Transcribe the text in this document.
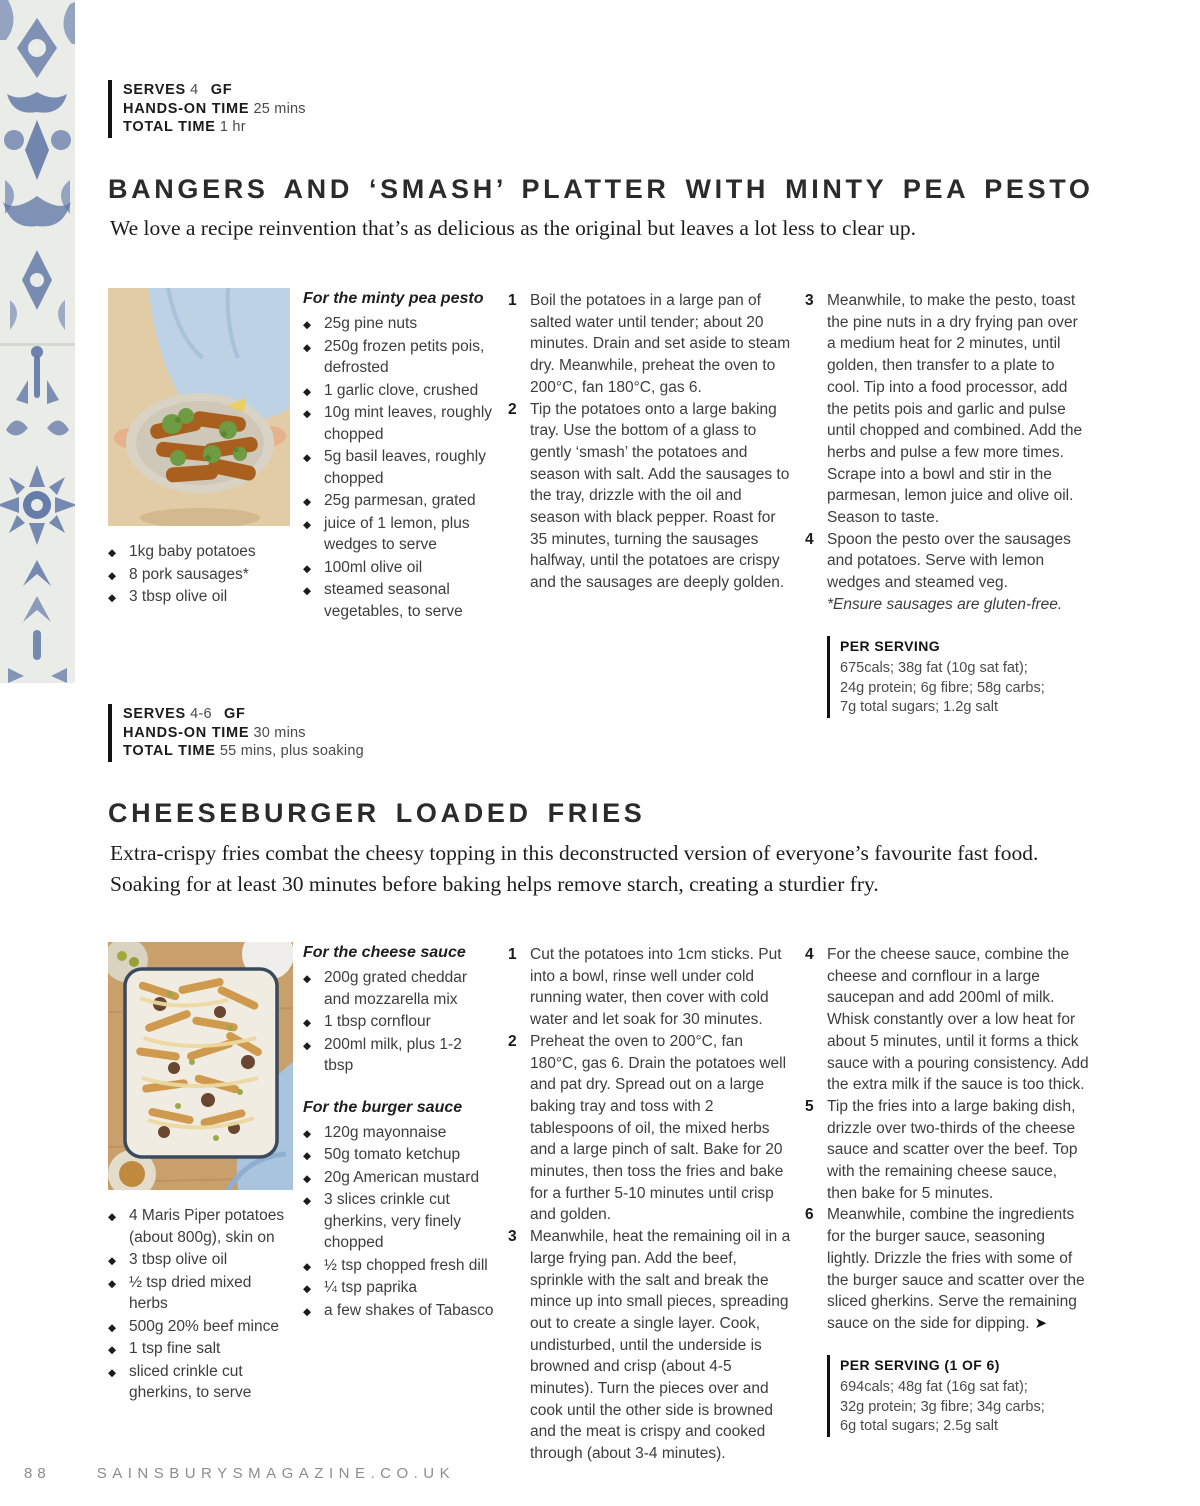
SERVES 4 GF
HANDS-ON TIME 25 mins
TOTAL TIME 1 hr
BANGERS AND ‘SMASH’ PLATTER WITH MINTY PEA PESTO

We love a recipe reinvention that’s as delicious as the original but leaves a lot less to clear up.

◆ 1kg baby potatoes
◆ 8 pork sausages*
◆ 3 tbsp olive oil
For the minty pea pesto
◆ 25g pine nuts
◆ 250g frozen petits pois, defrosted
◆ 1 garlic clove, crushed
◆ 10g mint leaves, roughly chopped
◆ 5g basil leaves, roughly chopped
◆ 25g parmesan, grated
◆ juice of 1 lemon, plus wedges to serve
◆ 100ml olive oil
◆ steamed seasonal vegetables, to serve
1 Boil the potatoes in a large pan of salted water until tender; about 20 minutes. Drain and set aside to steam dry. Meanwhile, preheat the oven to 200°C, fan 180°C, gas 6.
2 Tip the potatoes onto a large baking tray. Use the bottom of a glass to gently ‘smash’ the potatoes and season with salt. Add the sausages to the tray, drizzle with the oil and season with black pepper. Roast for 35 minutes, turning the sausages halfway, until the potatoes are crispy and the sausages are deeply golden.
3 Meanwhile, to make the pesto, toast the pine nuts in a dry frying pan over a medium heat for 2 minutes, until golden, then transfer to a plate to cool. Tip into a food processor, add the petits pois and garlic and pulse until chopped and combined. Add the herbs and pulse a few more times. Scrape into a bowl and stir in the parmesan, lemon juice and olive oil. Season to taste.
4 Spoon the pesto over the sausages and potatoes. Serve with lemon wedges and steamed veg.
*Ensure sausages are gluten-free.
PER SERVING
675cals; 38g fat (10g sat fat);
24g protein; 6g fibre; 58g carbs;
7g total sugars; 1.2g salt
SERVES 4-6 GF
HANDS-ON TIME 30 mins
TOTAL TIME 55 mins, plus soaking
CHEESEBURGER LOADED FRIES

Extra-crispy fries combat the cheesy topping in this deconstructed version of everyone’s favourite fast food. Soaking for at least 30 minutes before baking helps remove starch, creating a sturdier fry.

◆ 4 Maris Piper potatoes (about 800g), skin on
◆ 3 tbsp olive oil
◆ ½ tsp dried mixed herbs
◆ 500g 20% beef mince
◆ 1 tsp fine salt
◆ sliced crinkle cut gherkins, to serve
For the cheese sauce
◆ 200g grated cheddar and mozzarella mix
◆ 1 tbsp cornflour
◆ 200ml milk, plus 1-2 tbsp
For the burger sauce
◆ 120g mayonnaise
◆ 50g tomato ketchup
◆ 20g American mustard
◆ 3 slices crinkle cut gherkins, very finely chopped
◆ ½ tsp chopped fresh dill
◆ ¼ tsp paprika
◆ a few shakes of Tabasco
1 Cut the potatoes into 1cm sticks. Put into a bowl, rinse well under cold running water, then cover with cold water and let soak for 30 minutes.
2 Preheat the oven to 200°C, fan 180°C, gas 6. Drain the potatoes well and pat dry. Spread out on a large baking tray and toss with 2 tablespoons of oil, the mixed herbs and a large pinch of salt. Bake for 20 minutes, then toss the fries and bake for a further 5-10 minutes until crisp and golden.
3 Meanwhile, heat the remaining oil in a large frying pan. Add the beef, sprinkle with the salt and break the mince up into small pieces, spreading out to create a single layer. Cook, undisturbed, until the underside is browned and crisp (about 4-5 minutes). Turn the pieces over and cook until the other side is browned and the meat is crispy and cooked through (about 3-4 minutes).
4 For the cheese sauce, combine the cheese and cornflour in a large saucepan and add 200ml of milk. Whisk constantly over a low heat for about 5 minutes, until it forms a thick sauce with a pouring consistency. Add the extra milk if the sauce is too thick.
5 Tip the fries into a large baking dish, drizzle over two-thirds of the cheese sauce and scatter over the beef. Top with the remaining cheese sauce, then bake for 5 minutes.
6 Meanwhile, combine the ingredients for the burger sauce, seasoning lightly. Drizzle the fries with some of the burger sauce and scatter over the sliced gherkins. Serve the remaining sauce on the side for dipping. ➤
PER SERVING (1 OF 6)
694cals; 48g fat (16g sat fat);
32g protein; 3g fibre; 34g carbs;
6g total sugars; 2.5g salt
88	SAINSBURYSMAGAZINE.CO.UK
